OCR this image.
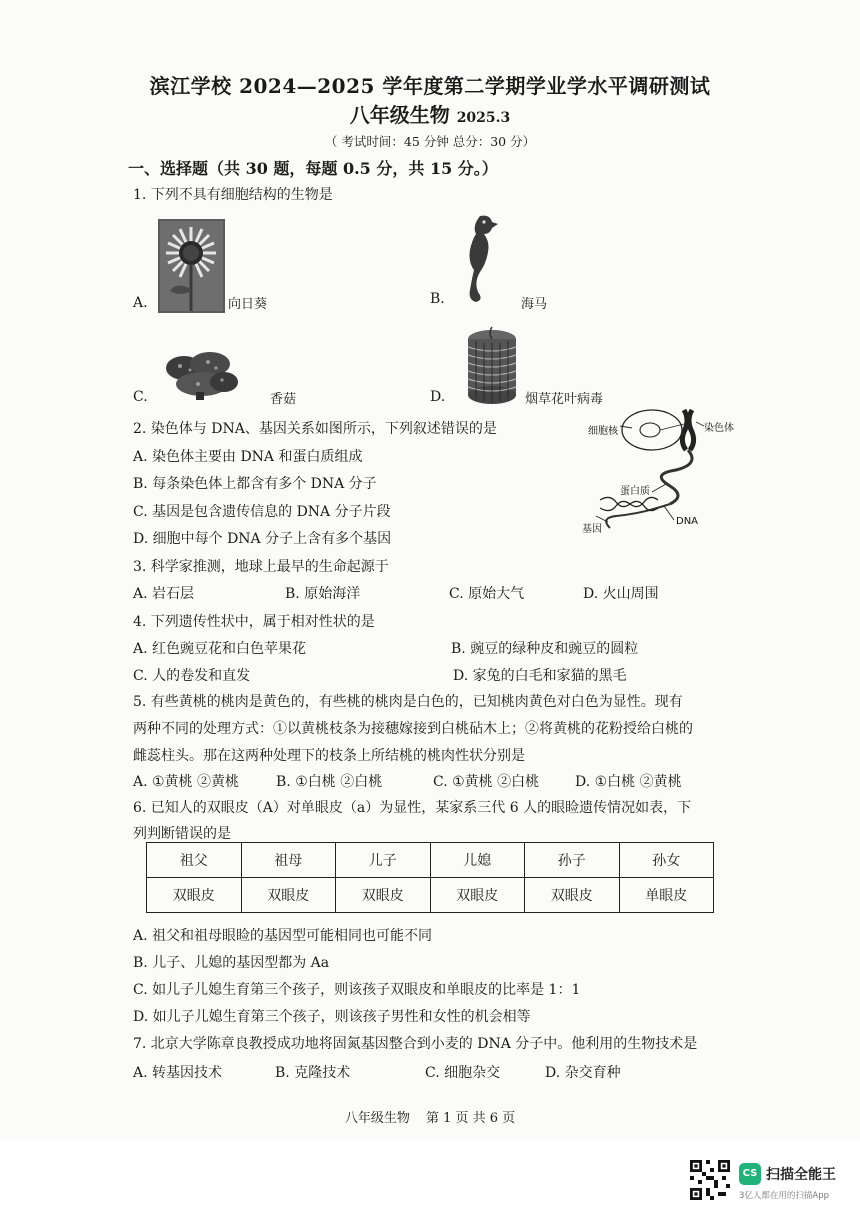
滨江学校 2024—2025 学年度第二学期学业学水平调研测试
八年级生物 2025.3
（ 考试时间：45 分钟 总分：30 分）
一、选择题（共 30 题，每题 0.5 分，共 15 分。）
1. 下列不具有细胞结构的生物是
A.	向日葵	B.	海马
C.	香菇	D.	烟草花叶病毒
2. 染色体与 DNA、基因关系如图所示，下列叙述错误的是
A. 染色体主要由 DNA 和蛋白质组成
B. 每条染色体上都含有多个 DNA 分子
C. 基因是包含遗传信息的 DNA 分子片段
D. 细胞中每个 DNA 分子上含有多个基因
细胞核	染色体
蛋白质
DNA
基因
3. 科学家推测，地球上最早的生命起源于
A. 岩石层	B. 原始海洋	C. 原始大气	D. 火山周围
4. 下列遗传性状中，属于相对性状的是
A. 红色豌豆花和白色苹果花	B. 豌豆的绿种皮和豌豆的圆粒
C. 人的卷发和直发	D. 家兔的白毛和家猫的黑毛
5. 有些黄桃的桃肉是黄色的，有些桃的桃肉是白色的，已知桃肉黄色对白色为显性。现有
两种不同的处理方式：①以黄桃枝条为接穗嫁接到白桃砧木上；②将黄桃的花粉授给白桃的
雌蕊柱头。那在这两种处理下的枝条上所结桃的桃肉性状分别是
A. ①黄桃 ②黄桃	B. ①白桃 ②白桃	C. ①黄桃 ②白桃	D. ①白桃 ②黄桃
6. 已知人的双眼皮（A）对单眼皮（a）为显性，某家系三代 6 人的眼睑遗传情况如表，下
列判断错误的是
祖父	祖母	儿子	儿媳	孙子	孙女
双眼皮	双眼皮	双眼皮	双眼皮	双眼皮	单眼皮
A. 祖父和祖母眼睑的基因型可能相同也可能不同
B. 儿子、儿媳的基因型都为 Aa
C. 如儿子儿媳生育第三个孩子，则该孩子双眼皮和单眼皮的比率是 1：1
D. 如儿子儿媳生育第三个孩子，则该孩子男性和女性的机会相等
7. 北京大学陈章良教授成功地将固氮基因整合到小麦的 DNA 分子中。他利用的生物技术是
A. 转基因技术	B. 克隆技术	C. 细胞杂交	D. 杂交育种
八年级生物 第 1 页 共 6 页
CS 扫描全能王
3亿人都在用的扫描App
